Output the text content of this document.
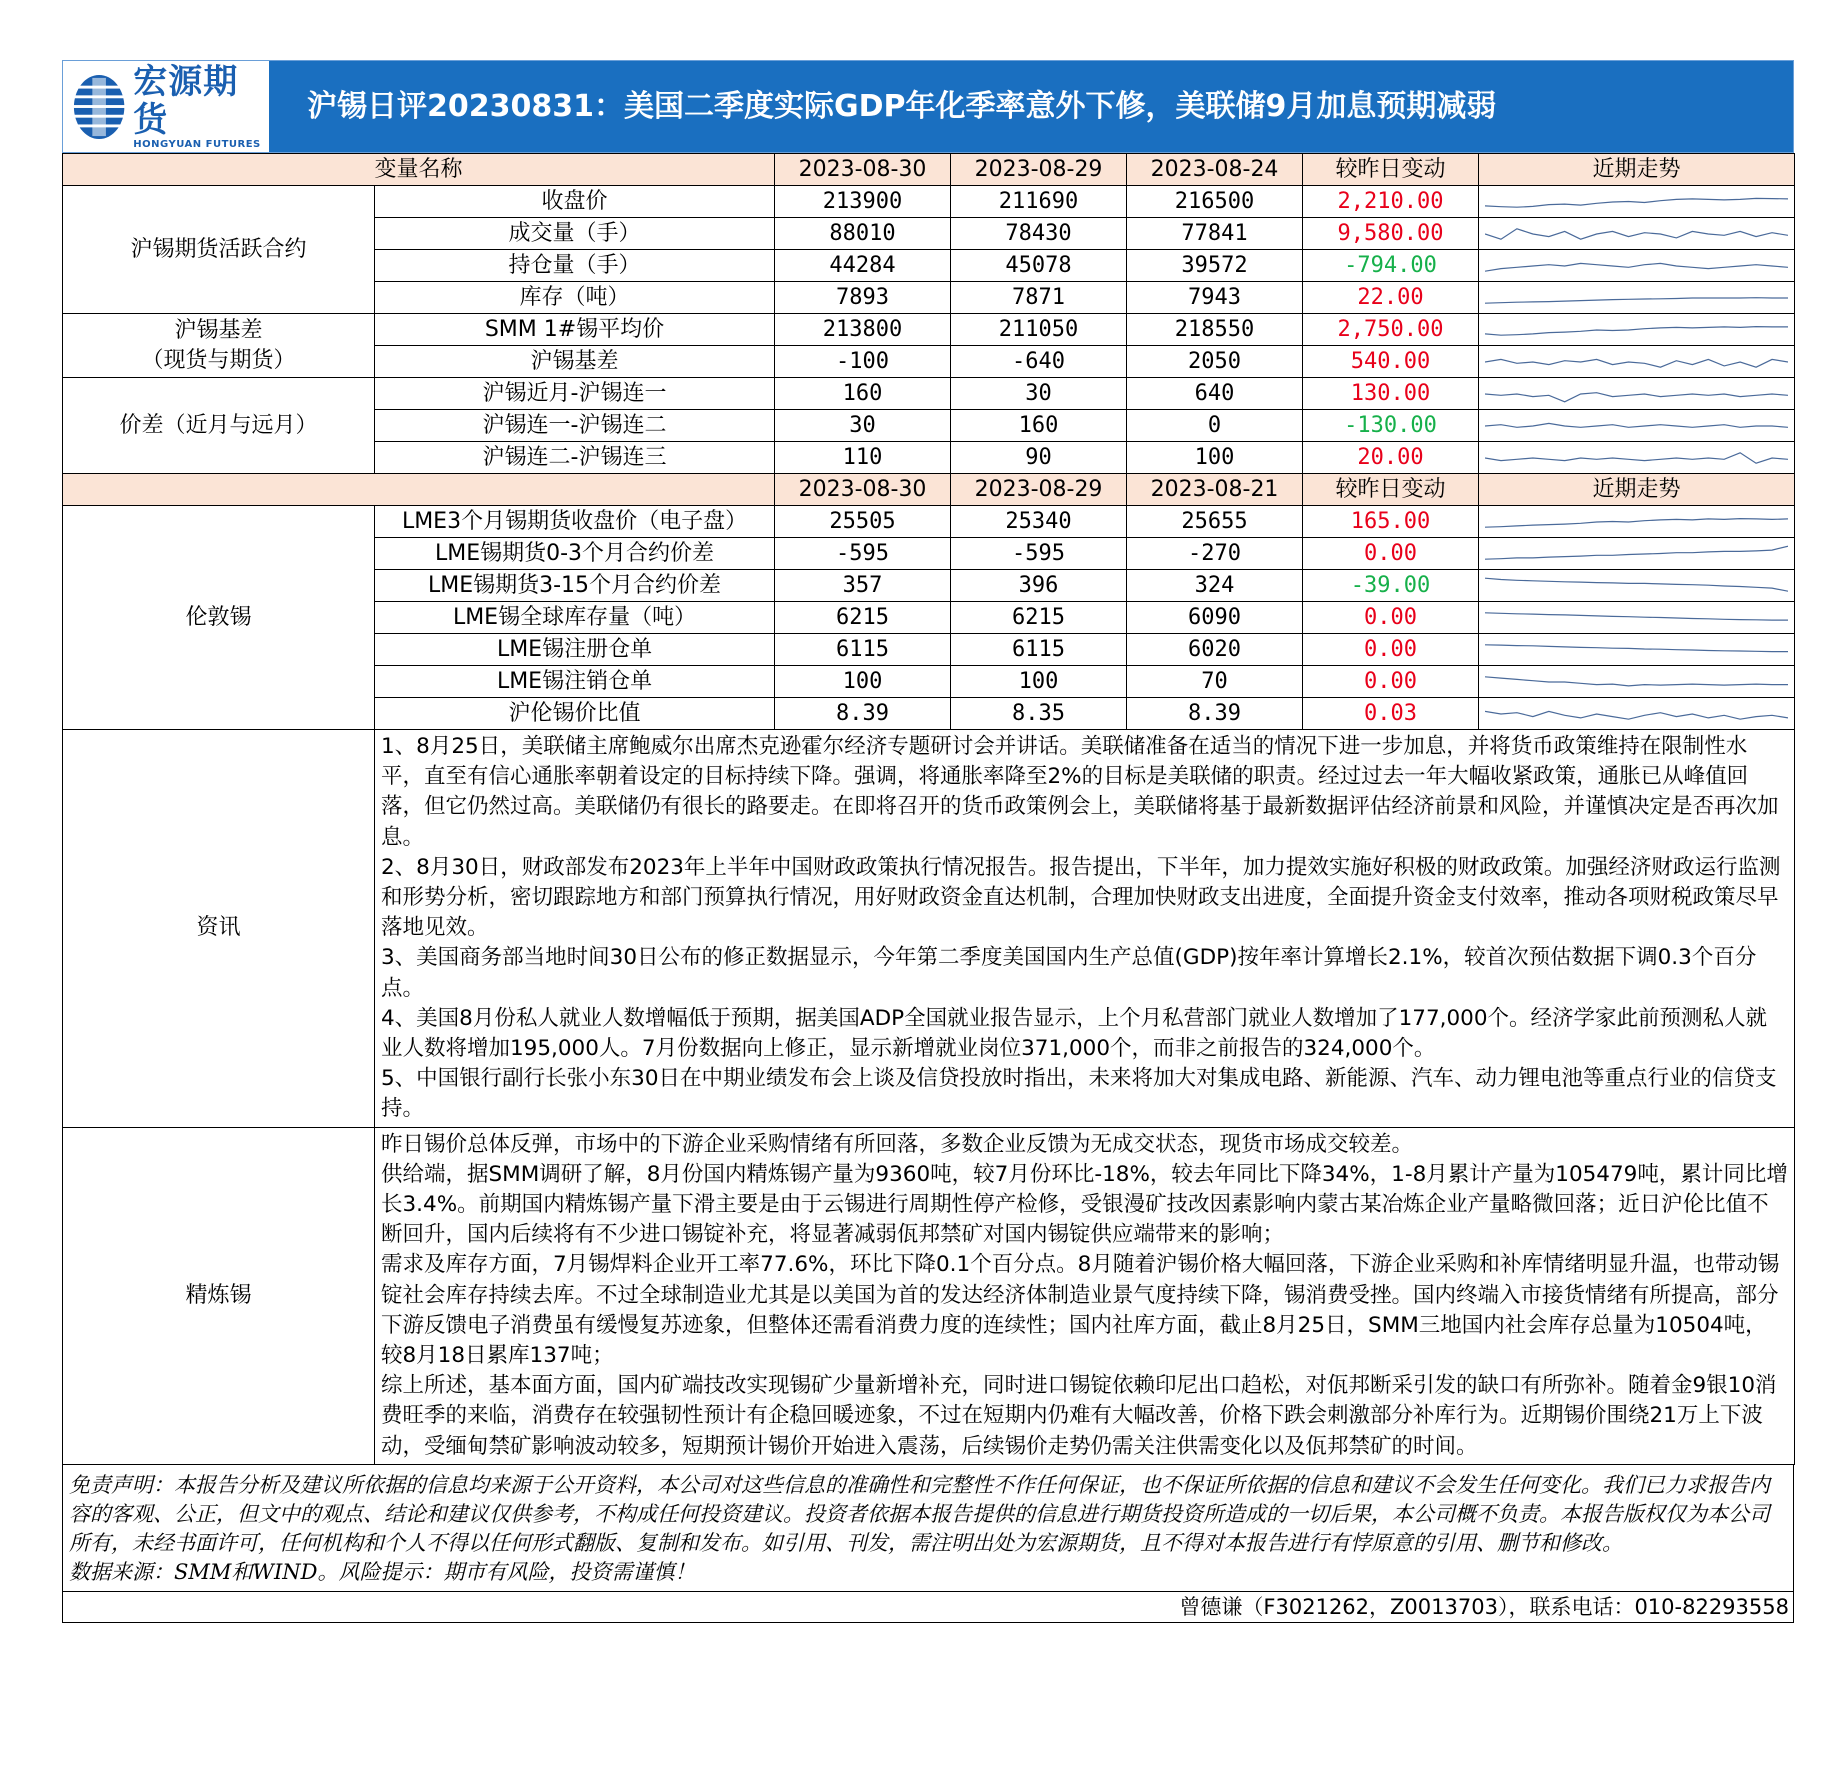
宏源期货
HONGYUAN FUTURES
沪锡日评20230831：美国二季度实际GDP年化季率意外下修，美联储9月加息预期减弱
变量名称		2023-08-30	2023-08-29	2023-08-24	较昨日变动	近期走势

沪锡期货活跃合约	收盘价	213900	211690	216500	2,210.00	

	成交量（手）	88010	78430	77841	9,580.00	

	持仓量（手）	44284	45078	39572	-794.00	

	库存（吨）	7893	7871	7943	22.00	

沪锡基差
（现货与期货）	SMM 1#锡平均价	213800	211050	218550	2,750.00	

	沪锡基差	-100	-640	2050	540.00	

价差（近月与远月）	沪锡近月-沪锡连一	160	30	640	130.00	

	沪锡连一-沪锡连二	30	160	0	-130.00	

	沪锡连二-沪锡连三	110	90	100	20.00	

		2023-08-30	2023-08-29	2023-08-21	较昨日变动	近期走势
伦敦锡	LME3个月锡期货收盘价（电子盘）	25505	25340	25655	165.00	

	LME锡期货0-3个月合约价差	-595	-595	-270	0.00	

	LME锡期货3-15个月合约价差	357	396	324	-39.00	

	LME锡全球库存量（吨）	6215	6215	6090	0.00	

	LME锡注册仓单	6115	6115	6020	0.00	

	LME锡注销仓单	100	100	70	0.00	

	沪伦锡价比值	8.39	8.35	8.39	0.03	

资讯	1、8月25日，美联储主席鲍威尔出席杰克逊霍尔经济专题研讨会并讲话。美联储准备在适当的情况下进一步加息，并将货币政策维持在限制性水平，直至有信心通胀率朝着设定的目标持续下降。强调，将通胀率降至2%的目标是美联储的职责。经过过去一年大幅收紧政策，通胀已从峰值回落，但它仍然过高。美联储仍有很长的路要走。在即将召开的货币政策例会上，美联储将基于最新数据评估经济前景和风险，并谨慎决定是否再次加息。

2、8月30日，财政部发布2023年上半年中国财政政策执行情况报告。报告提出，下半年，加力提效实施好积极的财政政策。加强经济财政运行监测和形势分析，密切跟踪地方和部门预算执行情况，用好财政资金直达机制，合理加快财政支出进度，全面提升资金支付效率，推动各项财税政策尽早落地见效。

3、美国商务部当地时间30日公布的修正数据显示，今年第二季度美国国内生产总值(GDP)按年率计算增长2.1%，较首次预估数据下调0.3个百分点。

4、美国8月份私人就业人数增幅低于预期，据美国ADP全国就业报告显示，上个月私营部门就业人数增加了177,000个。经济学家此前预测私人就业人数将增加195,000人。7月份数据向上修正，显示新增就业岗位371,000个，而非之前报告的324,000个。

5、中国银行副行长张小东30日在中期业绩发布会上谈及信贷投放时指出，未来将加大对集成电路、新能源、汽车、动力锂电池等重点行业的信贷支持。					

精炼锡	昨日锡价总体反弹，市场中的下游企业采购情绪有所回落，多数企业反馈为无成交状态，现货市场成交较差。

供给端，据SMM调研了解，8月份国内精炼锡产量为9360吨，较7月份环比-18%，较去年同比下降34%，1-8月累计产量为105479吨，累计同比增长3.4%。前期国内精炼锡产量下滑主要是由于云锡进行周期性停产检修，受银漫矿技改因素影响内蒙古某冶炼企业产量略微回落；近日沪伦比值不断回升，国内后续将有不少进口锡锭补充，将显著减弱佤邦禁矿对国内锡锭供应端带来的影响；

需求及库存方面，7月锡焊料企业开工率77.6%，环比下降0.1个百分点。8月随着沪锡价格大幅回落，下游企业采购和补库情绪明显升温，也带动锡锭社会库存持续去库。不过全球制造业尤其是以美国为首的发达经济体制造业景气度持续下降，锡消费受挫。国内终端入市接货情绪有所提高，部分下游反馈电子消费虽有缓慢复苏迹象，但整体还需看消费力度的连续性；国内社库方面，截止8月25日，SMM三地国内社会库存总量为10504吨，较8月18日累库137吨；

综上所述，基本面方面，国内矿端技改实现锡矿少量新增补充，同时进口锡锭依赖印尼出口趋松，对佤邦断采引发的缺口有所弥补。随着金9银10消费旺季的来临，消费存在较强韧性预计有企稳回暖迹象，不过在短期内仍难有大幅改善，价格下跌会刺激部分补库行为。近期锡价围绕21万上下波动，受缅甸禁矿影响波动较多，短期预计锡价开始进入震荡，后续锡价走势仍需关注供需变化以及佤邦禁矿的时间。					

免责声明：本报告分析及建议所依据的信息均来源于公开资料，本公司对这些信息的准确性和完整性不作任何保证，也不保证所依据的信息和建议不会发生任何变化。我们已力求报告内容的客观、公正，但文中的观点、结论和建议仅供参考，不构成任何投资建议。投资者依据本报告提供的信息进行期货投资所造成的一切后果，本公司概不负责。本报告版权仅为本公司所有，未经书面许可，任何机构和个人不得以任何形式翻版、复制和发布。如引用、刊发，需注明出处为宏源期货，且不得对本报告进行有悖原意的引用、删节和修改。

数据来源：SMM和WIND。风险提示：期市有风险，投资需谨慎！

曾德谦（F3021262，Z0013703），联系电话：010-82293558
